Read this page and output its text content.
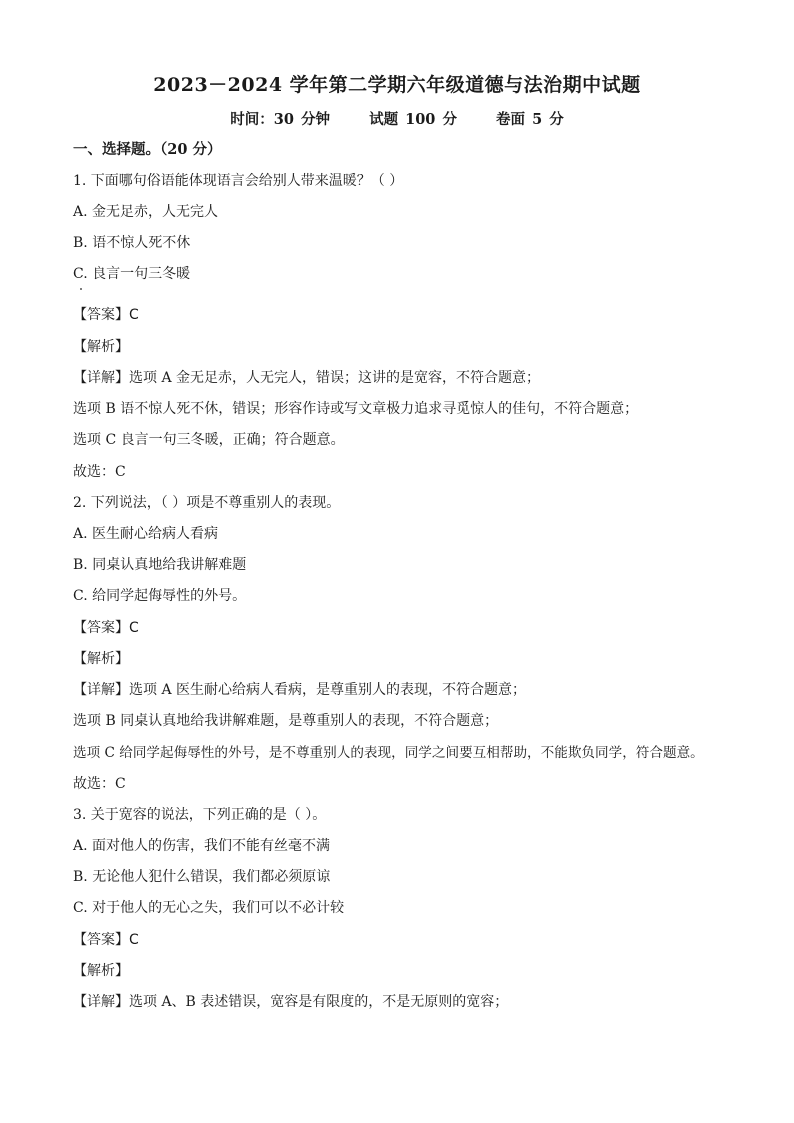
2023－2024 学年第二学期六年级道德与法治期中试题
时间：30 分钟	试题 100 分	卷面 5 分
一、选择题。（20 分）
1. 下面哪句俗语能体现语言会给别人带来温暖？（ ）
A. 金无足赤，人无完人
B. 语不惊人死不休
C. 良言一句三冬暖
【答案】C
【解析】
【详解】选项 A 金无足赤，人无完人，错误；这讲的是宽容，不符合题意；
选项 B 语不惊人死不休，错误；形容作诗或写文章极力追求寻觅惊人的佳句，不符合题意；
选项 C 良言一句三冬暖，正确；符合题意。
故选：C
2. 下列说法，（ ）项是不尊重别人的表现。
A. 医生耐心给病人看病
B. 同桌认真地给我讲解难题
C. 给同学起侮辱性的外号。
【答案】C
【解析】
【详解】选项 A 医生耐心给病人看病，是尊重别人的表现，不符合题意；
选项 B 同桌认真地给我讲解难题，是尊重别人的表现，不符合题意；
选项 C 给同学起侮辱性的外号，是不尊重别人的表现，同学之间要互相帮助，不能欺负同学，符合题意。
故选：C
3. 关于宽容的说法，下列正确的是（ ）。
A. 面对他人的伤害，我们不能有丝毫不满
B. 无论他人犯什么错误，我们都必须原谅
C. 对于他人的无心之失，我们可以不必计较
【答案】C
【解析】
【详解】选项 A、B 表述错误，宽容是有限度的，不是无原则的宽容；
